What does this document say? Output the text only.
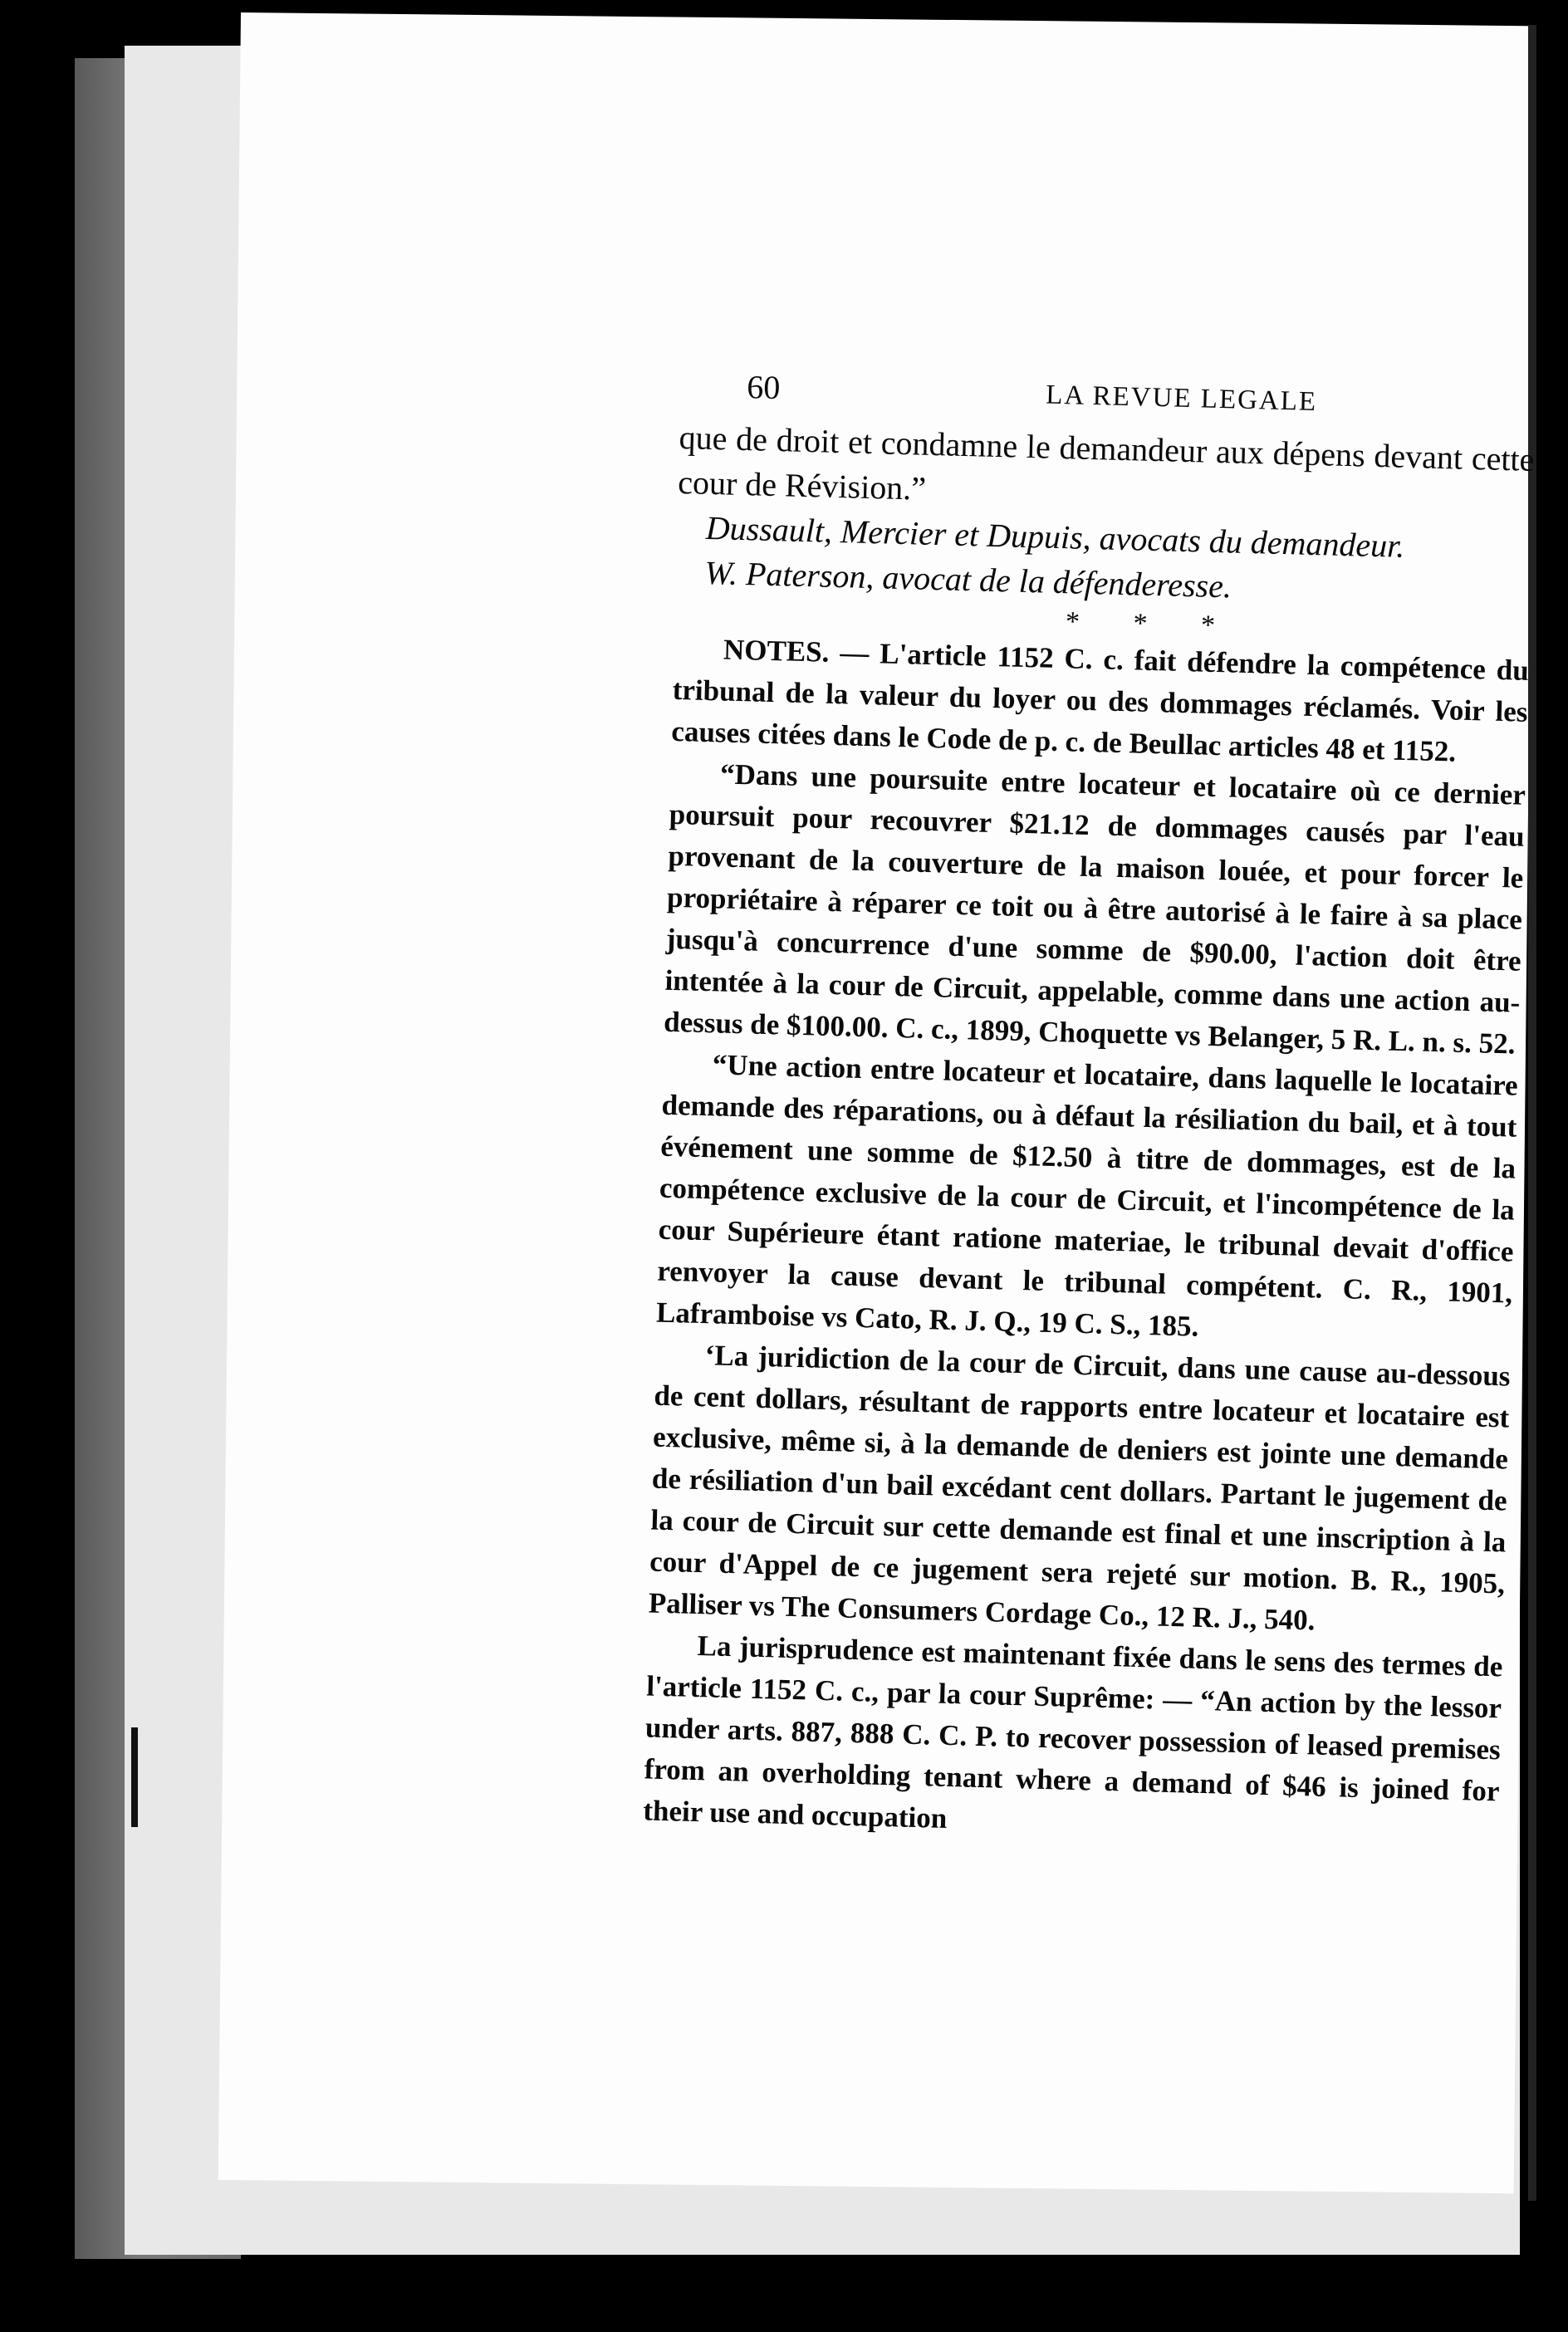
60	LA REVUE LEGALE

que de droit et condamne le demandeur aux dépens devant cette cour de Révision.”

Dussault, Mercier et Dupuis, avocats du demandeur.

W. Paterson, avocat de la défenderesse.

* * *

NOTES. — L'article 1152 C. c. fait défendre la compétence du tribunal de la valeur du loyer ou des dommages réclamés. Voir les causes citées dans le Code de p. c. de Beullac articles 48 et 1152.

“Dans une poursuite entre locateur et locataire où ce dernier poursuit pour recouvrer $21.12 de dommages causés par l'eau provenant de la couverture de la maison louée, et pour forcer le propriétaire à réparer ce toit ou à être autorisé à le faire à sa place jusqu'à concurrence d'une somme de $90.00, l'action doit être intentée à la cour de Circuit, appelable, comme dans une action au-dessus de $100.00. C. c., 1899, Choquette vs Belanger, 5 R. L. n. s. 52.

“Une action entre locateur et locataire, dans laquelle le locataire demande des réparations, ou à défaut la résiliation du bail, et à tout événement une somme de $12.50 à titre de dommages, est de la compétence exclusive de la cour de Circuit, et l'incompétence de la cour Supérieure étant ratione materiae, le tribunal devait d'office renvoyer la cause devant le tribunal compétent. C. R., 1901, Laframboise vs Cato, R. J. Q., 19 C. S., 185.

‘La juridiction de la cour de Circuit, dans une cause au-dessous de cent dollars, résultant de rapports entre locateur et locataire est exclusive, même si, à la demande de deniers est jointe une demande de résiliation d'un bail excédant cent dollars. Partant le jugement de la cour de Circuit sur cette demande est final et une inscription à la cour d'Appel de ce jugement sera rejeté sur motion. B. R., 1905, Palliser vs The Consumers Cordage Co., 12 R. J., 540.

La jurisprudence est maintenant fixée dans le sens des termes de l'article 1152 C. c., par la cour Suprême: — “An action by the lessor under arts. 887, 888 C. C. P. to recover possession of leased premises from an overholding tenant where a demand of $46 is joined for their use and occupation
